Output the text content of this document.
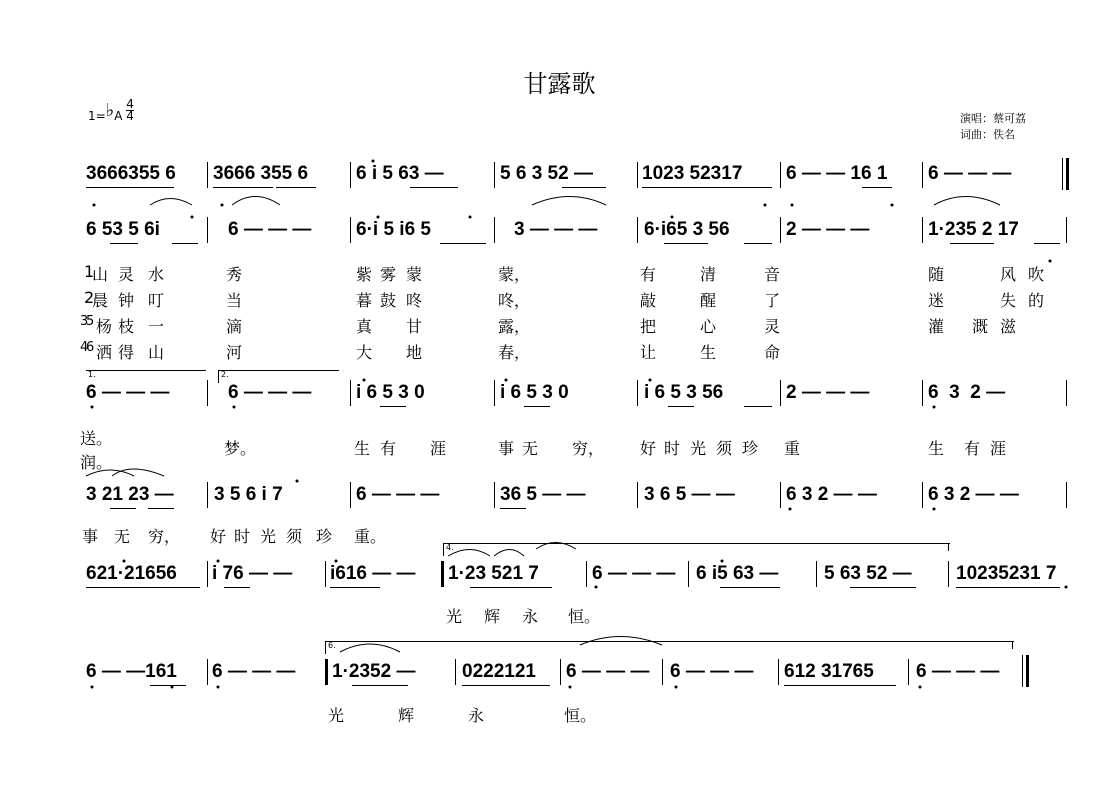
甘露歌
1=♭A $\frac{4}{4}$	演唱：蔡可荔
词曲：佚名
3666355 6 3666 355 6	6 i 5 63 —	5 6 3 52 —	1023 52317 6 — — 16 1 6 — — —
6 53 5 6i	6 — — — 6·i 5 i6 5	3 — — — 6·i65 3 56	2 — — —	1·235 2 17
1
山 灵 水	秀	紫 雾 蒙	蒙，	有	清	音	随	风 吹
2
晨 钟 叮	当	暮 鼓 咚	咚，	敲	醒	了	迷	失 的
3
5 杨 枝 一	滴	真 甘	露，	把	心	灵	灌 溉 滋
4
6 洒 得 山	河	大 地	春，	让	生	命
1.	2.
6 — — —	6 — — — i 6 5 3 0	i 6 5 3 0	i 6 5 3 56	2 — — —	6  3  2 —
送。
梦。	生 有 涯	事 无 穷， 好 时 光 须 珍 重	生 有 涯
润。
3 21 23 — 3 5 6 i 7	6 — — —	36 5 — —	3 6 5 — —	6 3 2 — —	6 3 2 — —
事 无 穷， 好 时 光 须 珍 重。
4.
621·21656 i 76 — — i616 — — 1·23 521 7	6 — — — 6 i5 63 — 5 63 52 — 10235231 7
光 辉 永 恒。
6.
6 — —161 6 — — — 1·2352 — 0222121 6 — — — 6 — — — 612 31765 6 — — —
光	辉	永	恒。
